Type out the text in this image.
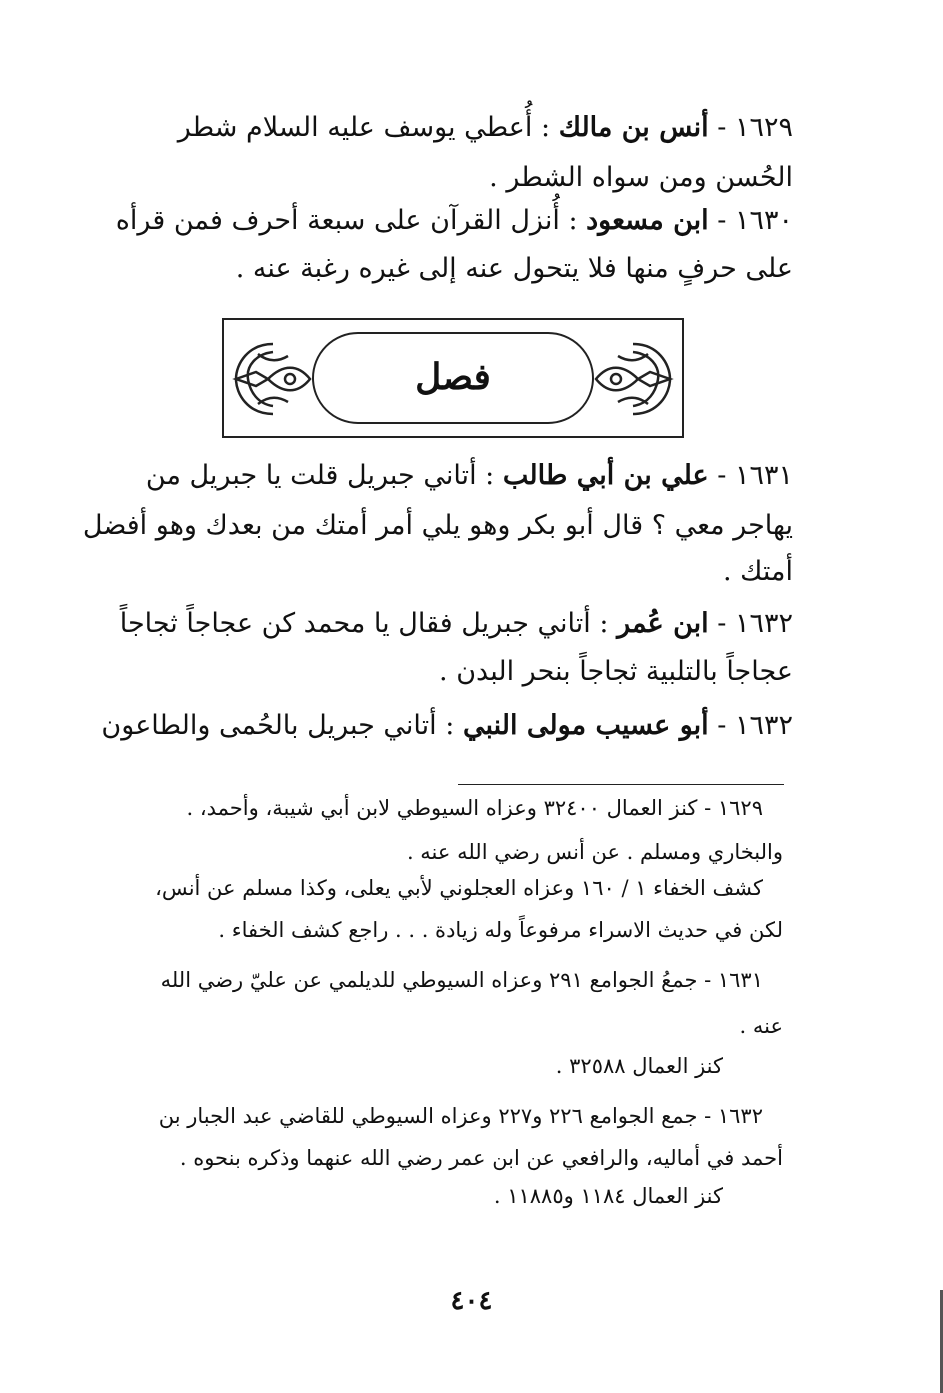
١٦٢٩ - أنس بن مالك : أُعطي يوسف عليه السلام شطر
الحُسن ومن سواه الشطر .
١٦٣٠ - ابن مسعود : أُنزل القرآن على سبعة أحرف فمن قرأه
على حرفٍ منها فلا يتحول عنه إلى غيره رغبة عنه .
فصل
١٦٣١ - علي بن أبي طالب : أتاني جبريل قلت يا جبريل من
يهاجر معي ؟ قال أبو بكر وهو يلي أمر أمتك من بعدك وهو أفضل
أمتك .
١٦٣٢ - ابن عُمر : أتاني جبريل فقال يا محمد كن عجاجاً ثجاجاً
عجاجاً بالتلبية ثجاجاً بنحر البدن .
١٦٣٢ - أبو عسيب مولى النبي : أتاني جبريل بالحُمى والطاعون
١٦٢٩ - كنز العمال ٣٢٤٠٠ وعزاه السيوطي لابن أبي شيبة، وأحمد، .
والبخاري ومسلم . عن أنس رضي الله عنه .
كشف الخفاء ١ / ١٦٠ وعزاه العجلوني لأبي يعلى، وكذا مسلم عن أنس،
لكن في حديث الاسراء مرفوعاً وله زيادة . . . راجع كشف الخفاء .
١٦٣١ - جمعُ الجوامع ٢٩١ وعزاه السيوطي للديلمي عن عليّ رضي الله
عنه .
كنز العمال ٣٢٥٨٨ .
١٦٣٢ - جمع الجوامع ٢٢٦ و٢٢٧ وعزاه السيوطي للقاضي عبد الجبار بن
أحمد في أماليه، والرافعي عن ابن عمر رضي الله عنهما وذكره بنحوه .
كنز العمال ١١٨٤ و١١٨٨٥ .
٤٠٤
